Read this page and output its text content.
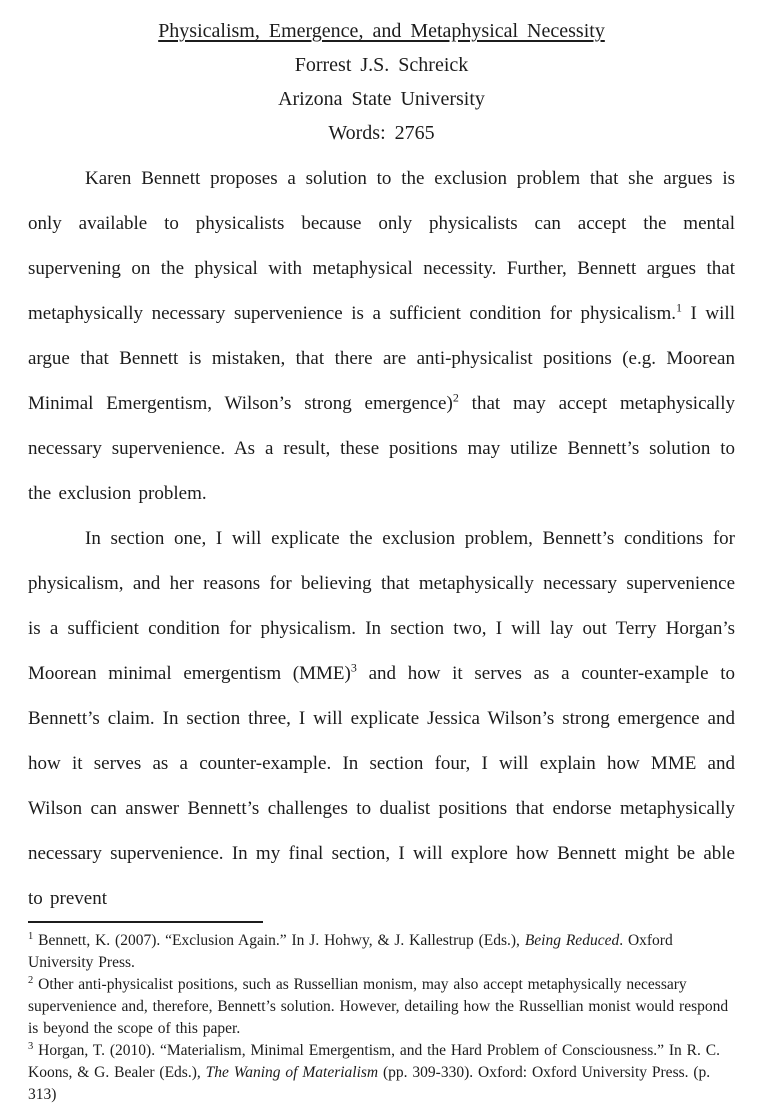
Physicalism, Emergence, and Metaphysical Necessity
Forrest J.S. Schreick
Arizona State University
Words: 2765

Karen Bennett proposes a solution to the exclusion problem that she argues is only available to physicalists because only physicalists can accept the mental supervening on the physical with metaphysical necessity. Further, Bennett argues that metaphysically necessary supervenience is a sufficient condition for physicalism.$^1$ I will argue that Bennett is mistaken, that there are anti-physicalist positions (e.g. Moorean Minimal Emergentism, Wilson’s strong emergence)$^2$ that may accept metaphysically necessary supervenience. As a result, these positions may utilize Bennett’s solution to the exclusion problem.

In section one, I will explicate the exclusion problem, Bennett’s conditions for physicalism, and her reasons for believing that metaphysically necessary supervenience is a sufficient condition for physicalism. In section two, I will lay out Terry Horgan’s Moorean minimal emergentism (MME)$^3$ and how it serves as a counter-example to Bennett’s claim. In section three, I will explicate Jessica Wilson’s strong emergence and how it serves as a counter-example. In section four, I will explain how MME and Wilson can answer Bennett’s challenges to dualist positions that endorse metaphysically necessary supervenience. In my final section, I will explore how Bennett might be able to prevent

$^1$ Bennett, K. (2007). “Exclusion Again.” In J. Hohwy, & J. Kallestrup (Eds.), Being Reduced. Oxford University Press.

$^2$ Other anti-physicalist positions, such as Russellian monism, may also accept metaphysically necessary supervenience and, therefore, Bennett’s solution. However, detailing how the Russellian monist would respond is beyond the scope of this paper.

$^3$ Horgan, T. (2010). “Materialism, Minimal Emergentism, and the Hard Problem of Consciousness.” In R. C. Koons, & G. Bealer (Eds.), The Waning of Materialism (pp. 309-330). Oxford: Oxford University Press. (p. 313)
